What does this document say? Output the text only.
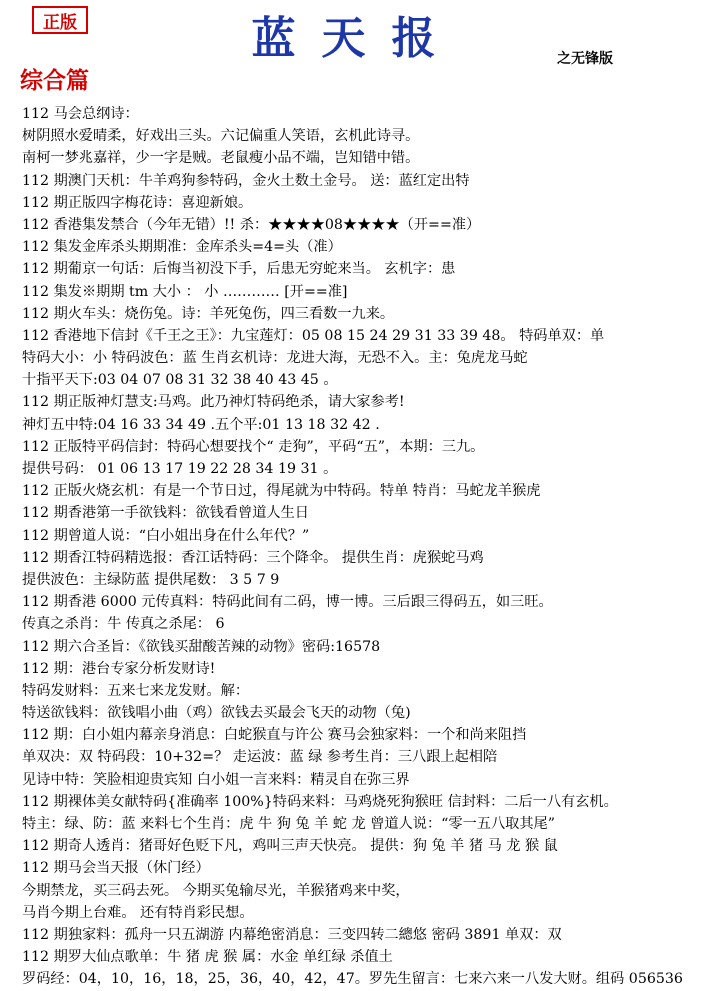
正版	蓝天报	之无锋版
综合篇
112 马会总纲诗：
树阴照水爱晴柔，好戏出三头。六记偏重人笑语，玄机此诗寻。
南柯一梦兆嘉祥，少一字是贼。老鼠瘦小品不端，岂知错中错。
112 期澳门天机：牛羊鸡狗参特码，金火土数土金号。 送：蓝红定出特
112 期正版四字梅花诗：喜迎新娘。
112 香港集发禁合（今年无错）!! 杀：★★★★08★★★★（开==准）
112 集发金库杀头期期准：金库杀头=4=头（准）
112 期葡京一句话：后悔当初没下手，后患无穷蛇来当。 玄机字：患
112 集发※期期 tm 大小 ： 小 ………… [开==准]
112 期火车头：烧伤兔。诗：羊死兔伤，四三看数一九来。
112 香港地下信封《千王之王》：九宝莲灯：05 08 15 24 29 31 33 39 48。 特码单双：单
特码大小：小 特码波色：蓝 生肖玄机诗：龙进大海，无恐不入。主：兔虎龙马蛇
十指平天下:03 04 07 08 31 32 38 40 43 45 。
112 期正版神灯慧支:马鸡。此乃神灯特码绝杀，请大家参考!
神灯五中特:04 16 33 34 49 .五个平:01 13 18 32 42 .
112 正版特平码信封：特码心想要找个“ 走狗”，平码“五”，本期：三九。
提供号码： 01 06 13 17 19 22 28 34 19 31 。
112 正版火烧玄机：有是一个节日过，得尾就为中特码。特单 特肖：马蛇龙羊猴虎
112 期香港第一手欲钱料：欲钱看曾道人生日
112 期曾道人说：“白小姐出身在什么年代？”
112 期香江特码精选报：香江话特码：三个降伞。 提供生肖：虎猴蛇马鸡
提供波色：主绿防蓝 提供尾数： 3 5 7 9
112 期香港 6000 元传真料：特码此间有二码，博一博。三后跟三得码五，如三旺。
传真之杀肖：牛 传真之杀尾： 6
112 期六合圣旨：《欲钱买甜酸苦辣的动物》密码:16578
112 期：港台专家分析发财诗!
特码发财料：五来七来龙发财。解：
特送欲钱料：欲钱唱小曲（鸡）欲钱去买最会飞天的动物（兔)
112 期：白小姐内幕亲身消息：白蛇猴直与许公 赛马会独家料：一个和尚来阻挡
单双决：双 特码段：10+32=？ 走运波：蓝 绿 参考生肖：三八跟上起相陪
见诗中特：笑脸相迎贵宾知 白小姐一言来料：精灵自在弥三界
112 期裸体美女献特码{准确率 100%}特码来料：马鸡烧死狗猴旺 信封料：二后一八有玄机。
特主：绿、防：蓝 来料七个生肖：虎 牛 狗 兔 羊 蛇 龙 曾道人说：“零一五八取其尾”
112 期奇人透肖：猪哥好色贬下凡，鸡叫三声天快亮。 提供：狗 兔 羊 猪 马 龙 猴 鼠
112 期马会当天报（休门经）
今期禁龙，买三码去死。 今期买兔输尽光，羊猴猪鸡来中奖，
马肖今期上台难。 还有特肖彩民想。
112 期独家料：孤舟一只五湖游 内幕绝密消息：三变四转二總悠 密码 3891 单双：双
112 期罗大仙点歌单：牛 猪 虎 猴 属：水金 单红绿 杀值土
罗码经：04，10，16，18，25，36，40，42，47。罗先生留言：七来六来一八发大财。组码 056536
